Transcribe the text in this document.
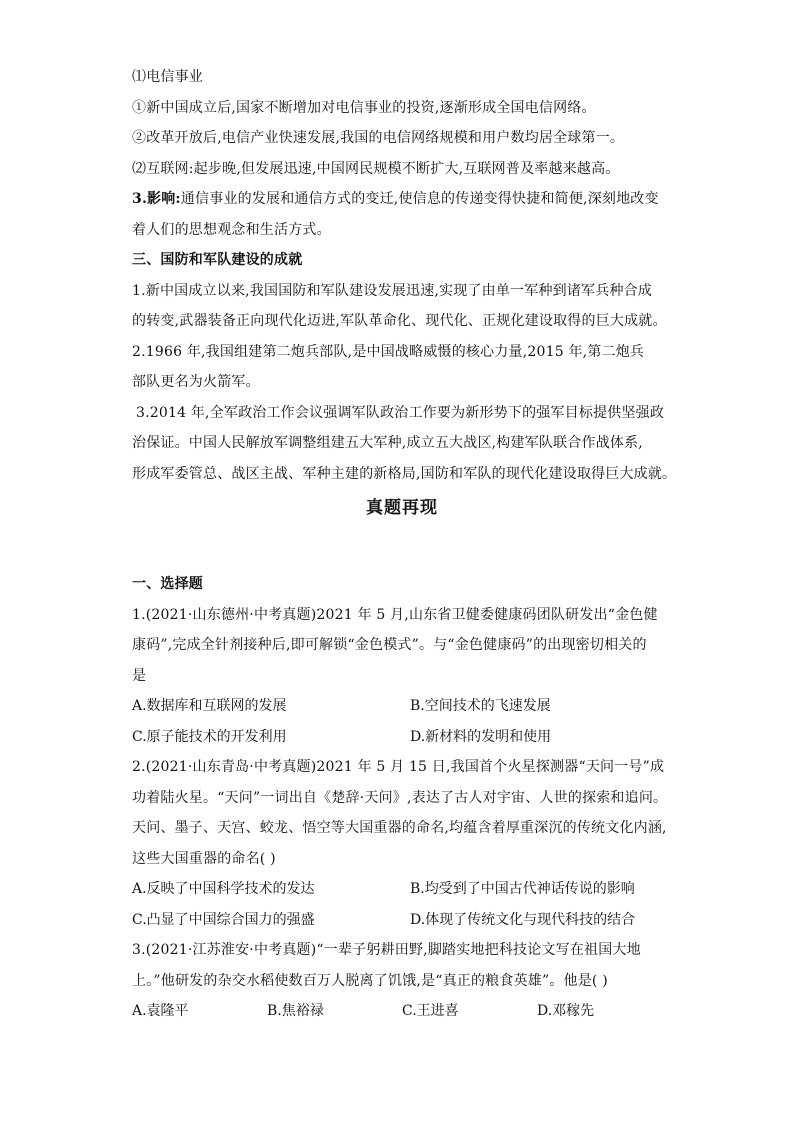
⑴电信事业
①新中国成立后,国家不断增加对电信事业的投资,逐渐形成全国电信网络。
②改革开放后,电信产业快速发展,我国的电信网络规模和用户数均居全球第一。
⑵互联网:起步晚,但发展迅速,中国网民规模不断扩大,互联网普及率越来越高。
3.影响:通信事业的发展和通信方式的变迁,使信息的传递变得快捷和简便,深刻地改变
着人们的思想观念和生活方式。
三、国防和军队建设的成就
1.新中国成立以来,我国国防和军队建设发展迅速,实现了由单一军种到诸军兵种合成
的转变,武器装备正向现代化迈进,军队革命化、现代化、正规化建设取得的巨大成就。
2.1966 年,我国组建第二炮兵部队,是中国战略威慑的核心力量,2015 年,第二炮兵
部队更名为火箭军。
3.2014 年,全军政治工作会议强调军队政治工作要为新形势下的强军目标提供坚强政
治保证。中国人民解放军调整组建五大军种,成立五大战区,构建军队联合作战体系,
形成军委管总、战区主战、军种主建的新格局,国防和军队的现代化建设取得巨大成就。
真题再现
一、选择题
1.(2021·山东德州·中考真题)2021 年 5 月,山东省卫健委健康码团队研发出“金色健
康码”,完成全针剂接种后,即可解锁“金色模式”。与“金色健康码”的出现密切相关的
是
A.数据库和互联网的发展	B.空间技术的飞速发展
C.原子能技术的开发利用	D.新材料的发明和使用
2.(2021·山东青岛·中考真题)2021 年 5 月 15 日,我国首个火星探测器“天问一号”成
功着陆火星。“天问”一词出自《楚辞·天问》,表达了古人对宇宙、人世的探索和追问。
天问、墨子、天宫、蛟龙、悟空等大国重器的命名,均蕴含着厚重深沉的传统文化内涵,
这些大国重器的命名( )
A.反映了中国科学技术的发达	B.均受到了中国古代神话传说的影响
C.凸显了中国综合国力的强盛	D.体现了传统文化与现代科技的结合
3.(2021·江苏淮安·中考真题)“一辈子躬耕田野,脚踏实地把科技论文写在祖国大地
上。”他研发的杂交水稻使数百万人脱离了饥饿,是“真正的粮食英雄”。他是( )
A.袁隆平	B.焦裕禄	C.王进喜	D.邓稼先
